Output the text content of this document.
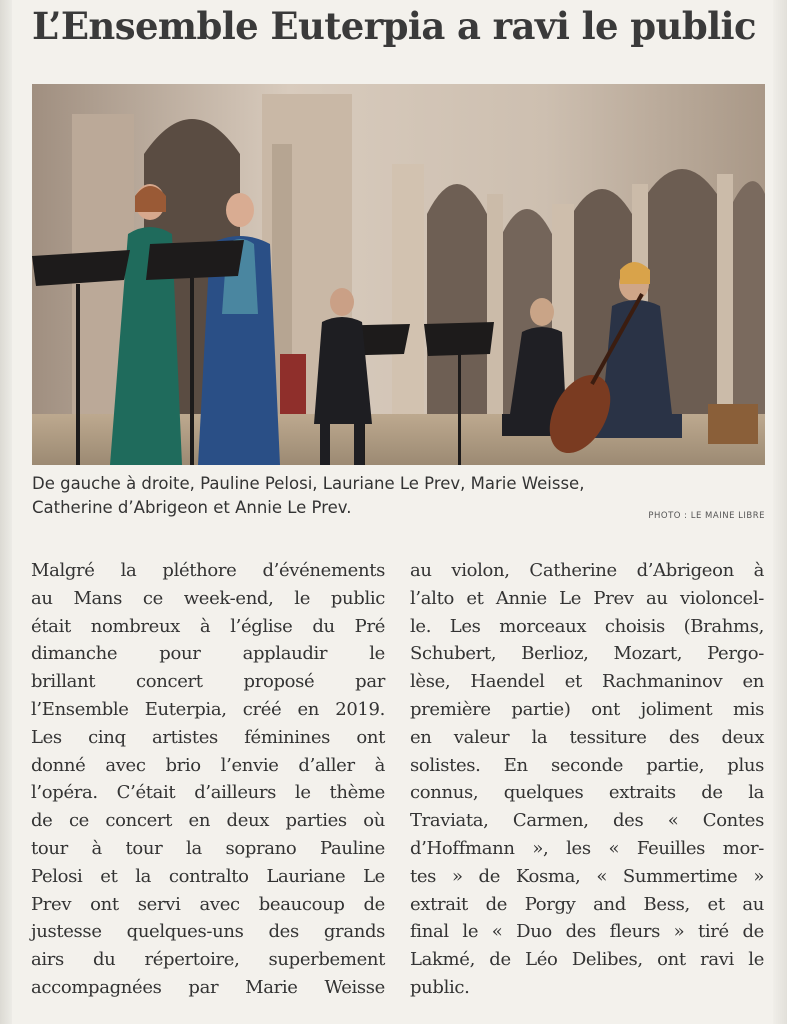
L’Ensemble Euterpia a ravi le public

De gauche à droite, Pauline Pelosi, Lauriane Le Prev, Marie Weisse,

Catherine d’Abrigeon et Annie Le Prev.	PHOTO : LE MAINE LIBRE

Malgré la pléthore d’événements
au Mans ce week-end, le public
était nombreux à l’église du Pré
dimanche pour applaudir le
brillant concert proposé par
l’Ensemble Euterpia, créé en 2019.
Les cinq artistes féminines ont
donné avec brio l’envie d’aller à
l’opéra. C’était d’ailleurs le thème
de ce concert en deux parties où
tour à tour la soprano Pauline
Pelosi et la contralto Lauriane Le
Prev ont servi avec beaucoup de
justesse quelques-uns des grands
airs du répertoire, superbement
accompagnées par Marie Weisse

au violon, Catherine d’Abrigeon à
l’alto et Annie Le Prev au violoncel-
le. Les morceaux choisis (Brahms,
Schubert, Berlioz, Mozart, Pergo-
lèse, Haendel et Rachmaninov en
première partie) ont joliment mis
en valeur la tessiture des deux
solistes. En seconde partie, plus
connus, quelques extraits de la
Traviata, Carmen, des « Contes
d’Hoffmann », les « Feuilles mor-
tes » de Kosma, « Summertime »
extrait de Porgy and Bess, et au
final le « Duo des fleurs » tiré de
Lakmé, de Léo Delibes, ont ravi le
public.
